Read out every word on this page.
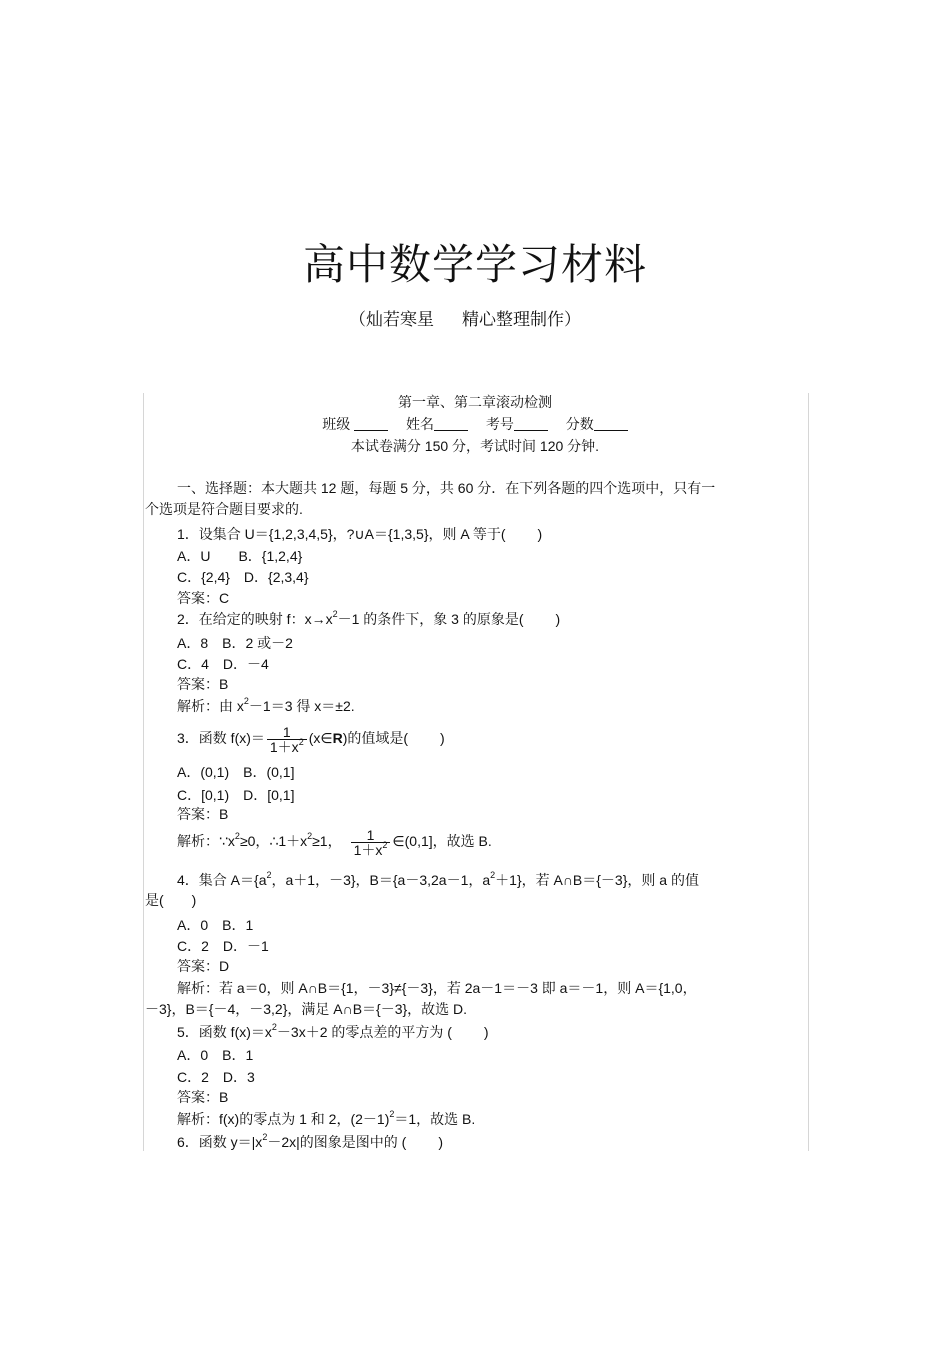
高中数学学习材料
（灿若寒星 精心整理制作）
第一章、第二章滚动检测
班级 　	姓名　	考号　	分数
本试卷满分 150 分，考试时间 120 分钟.
一、选择题：本大题共 12 题，每题 5 分，共 60 分．在下列各题的四个选项中，只有一
个选项是符合题目要求的.
1．设集合 U＝{1,2,3,4,5}，?∪A＝{1,3,5}，则 A 等于( )
A．U　　B．{1,2,4}
C．{2,4}　D．{2,3,4}
答案：C
2．在给定的映射 f：$x\to x^2-1$ 的条件下，象 3 的原象是( )
A．8　B．2 或－2
C．4　D．－4
答案：B
解析：由 $x^2-1=3$ 得 x＝±2.
3．函数 $f(x)= \frac{1}{1+x^2}$ (x∈R)的值域是( )
A．(0,1)　B．(0,1]
C．[0,1)　D．[0,1]
答案：B
解析：$\because x^2\ge 0$，$\therefore 1+x^2\ge 1$，　 $\frac{1}{1+x^2}$ ∈(0,1]，故选 B.
4．集合 $A=\{a^2$，a＋1，－3}，B＝{a－3,2a－1，$a^2+1$}，若 A∩B＝{－3}，则 a 的值
是(　　)
A．0　B．1
C．2　D．－1
答案：D
解析：若 a＝0，则 A∩B＝{1，－3}≠{－3}，若 2a－1＝－3 即 a＝－1，则 A＝{1,0，
－3}，B＝{－4，－3,2}，满足 A∩B＝{－3}，故选 D.
5．函数 $f(x)=x^2-3x+2$ 的零点差的平方为 ( )
A．0　B．1
C．2　D．3
答案：B
解析：f(x)的零点为 1 和 2，$(2-1)^2=1$，故选 B.
6．函数 $y=|x^2-2x|$的图象是图中的 ( )
